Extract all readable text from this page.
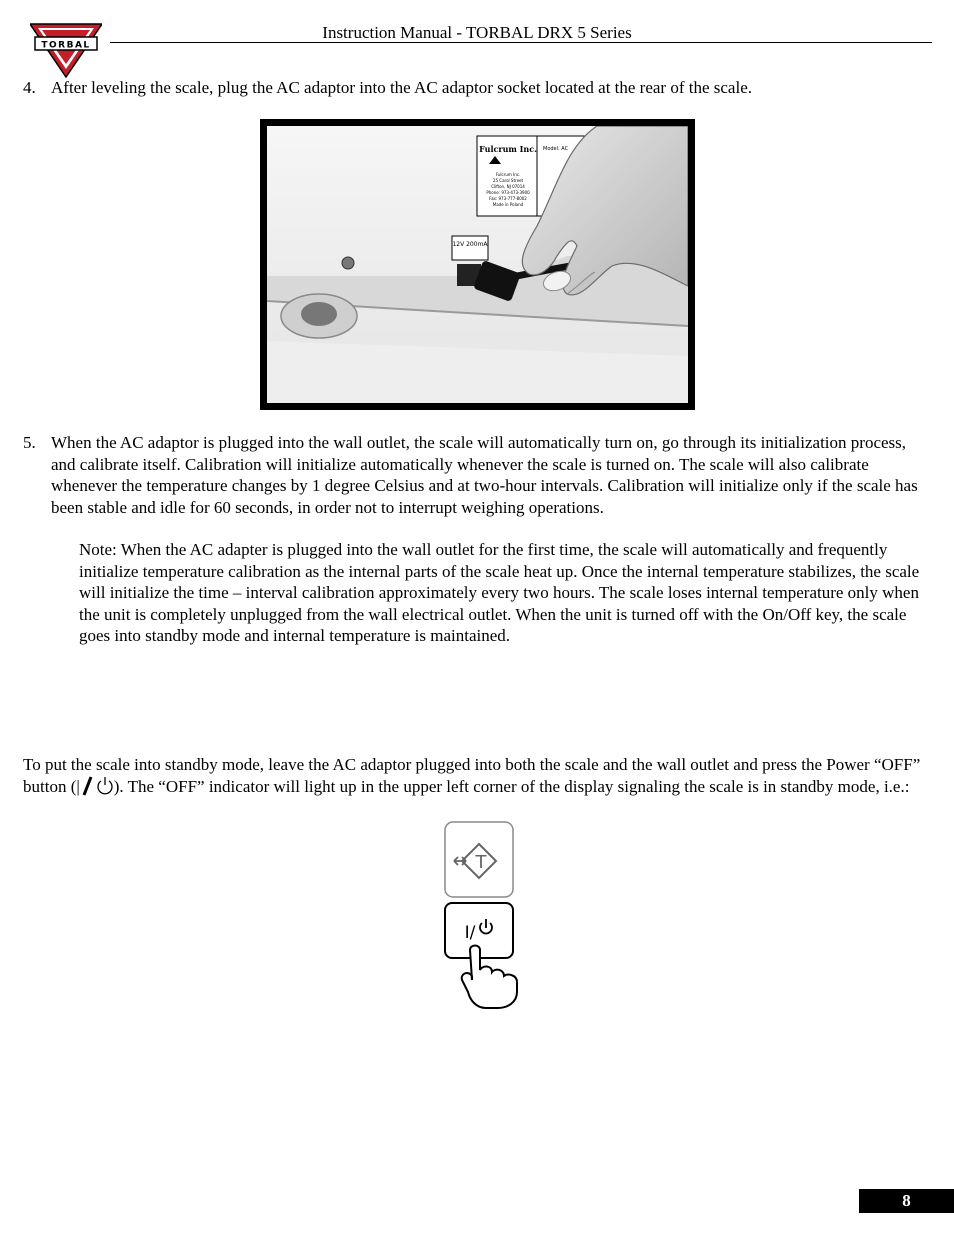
TORBAL
Instruction Manual - TORBAL DRX 5 Series
4. After leveling the scale, plug the AC adaptor into the AC adaptor socket located at the rear of the scale.
12V 200mA
Fulcrum Inc.
Fulcrum Inc.
25 Carol Street
Clifton, NJ 07014
Phone: 973-473-3900
Fax: 973-777-8002
Made in Poland
Model: AC
5. When the AC adaptor is plugged into the wall outlet, the scale will automatically turn on, go through its initialization process, and calibrate itself. Calibration will initialize automatically whenever the scale is turned on. The scale will also calibrate whenever the temperature changes by 1 degree Celsius and at two-hour intervals. Calibration will initialize only if the scale has been stable and idle for 60 seconds, in order not to interrupt weighing operations.
Note: When the AC adapter is plugged into the wall outlet for the first time, the scale will automatically and frequently initialize temperature calibration as the internal parts of the scale heat up. Once the internal temperature stabilizes, the scale will initialize the time – interval calibration approximately every two hours. The scale loses internal temperature only when the unit is completely unplugged from the wall electrical outlet. When the unit is turned off with the On/Off key, the scale goes into standby mode and internal temperature is maintained.
To put the scale into standby mode, leave the AC adaptor plugged into both the scale and the wall outlet and press the Power “OFF” button (| ). The “OFF” indicator will light up in the upper left corner of the display signaling the scale is in standby mode, i.e.:
T
I/
8
